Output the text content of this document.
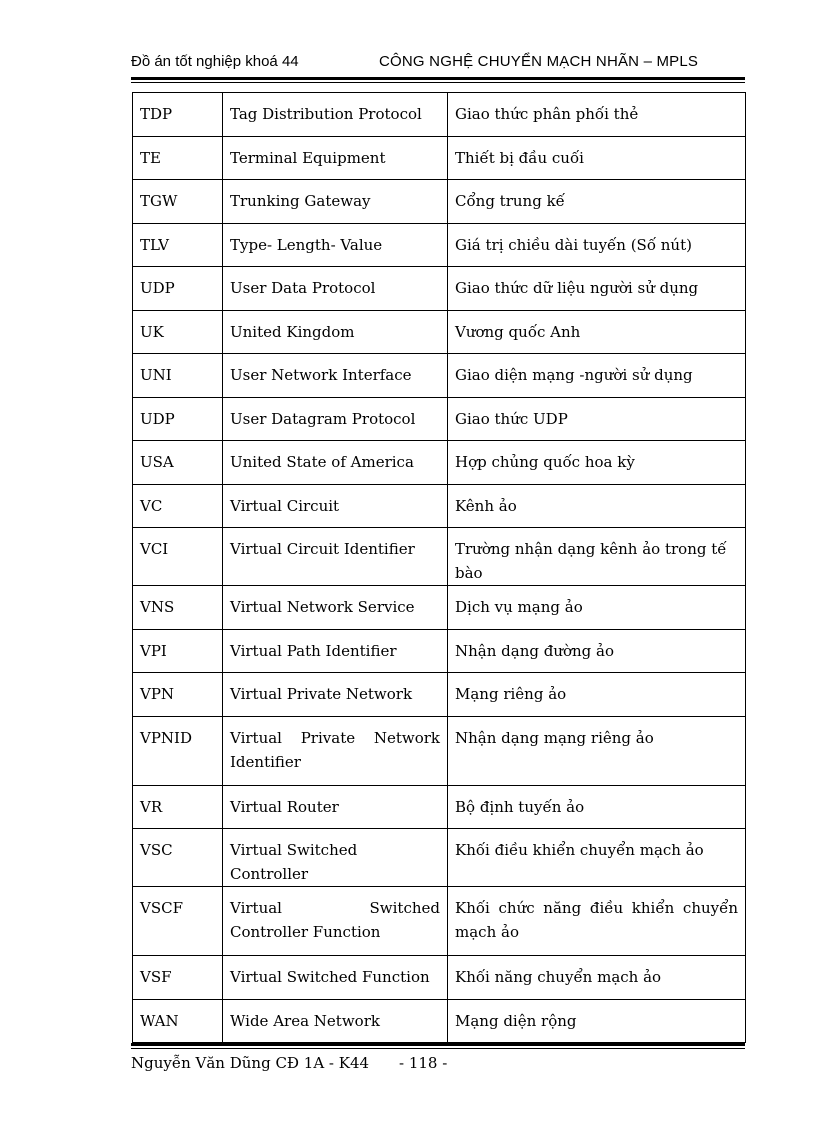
Đồ án tốt nghiệp khoá 44	CÔNG NGHỆ CHUYỂN MẠCH NHÃN – MPLS
TDP	Tag Distribution Protocol	Giao thức phân phối thẻ
TE	Terminal Equipment	Thiết bị đầu cuối
TGW	Trunking Gateway	Cổng trung kế
TLV	Type- Length- Value	Giá trị chiều dài tuyến (Số nút)
UDP	User Data Protocol	Giao thức dữ liệu người sử dụng
UK	United Kingdom	Vương quốc Anh
UNI	User Network Interface	Giao diện mạng -người sử dụng
UDP	User Datagram Protocol	Giao thức UDP
USA	United State of America	Hợp chủng quốc hoa kỳ
VC	Virtual Circuit	Kênh ảo
VCI	Virtual Circuit Identifier	Trường nhận dạng kênh ảo trong tế bào
VNS	Virtual Network Service	Dịch vụ mạng ảo
VPI	Virtual Path Identifier	Nhận dạng đường ảo
VPN	Virtual Private Network	Mạng riêng ảo
VPNID	Virtual Private Network Identifier	Nhận dạng mạng riêng ảo
VR	Virtual Router	Bộ định tuyến ảo
VSC	Virtual Switched Controller	Khối điều khiển chuyển mạch ảo
VSCF	Virtual Switched Controller Function	Khối chức năng điều khiển chuyển mạch ảo
VSF	Virtual Switched Function	Khối năng chuyển mạch ảo
WAN	Wide Area Network	Mạng diện rộng
Nguyễn Văn Dũng CĐ 1A - K44 - 118 -
